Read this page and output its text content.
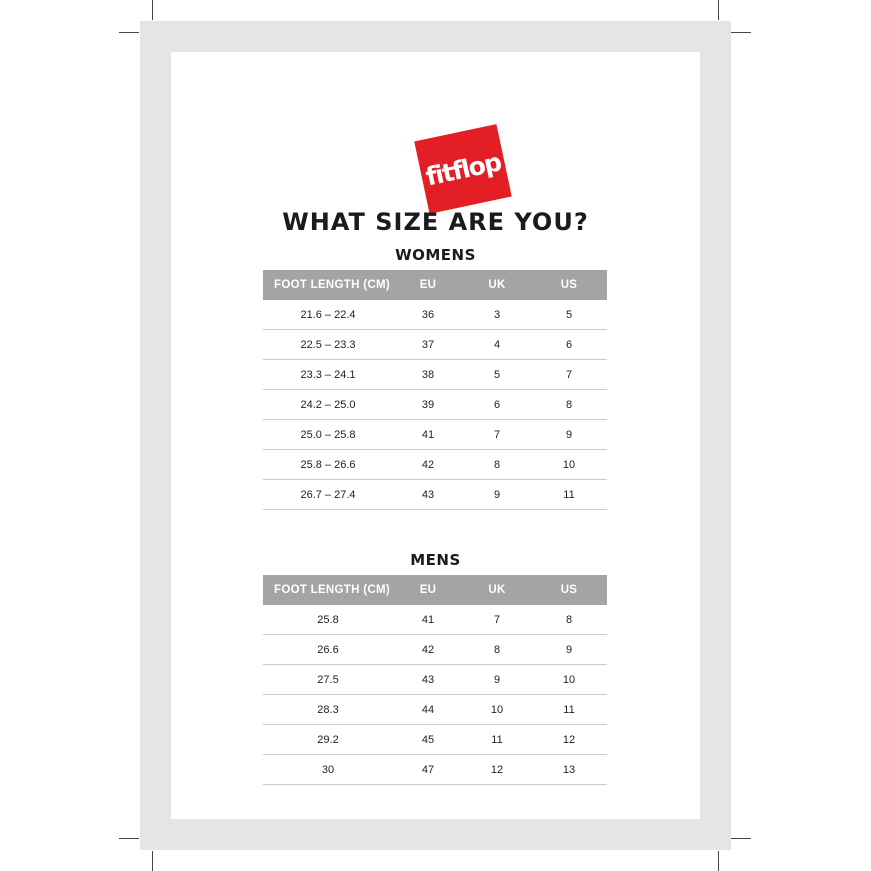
fitflop
WHAT SIZE ARE YOU?
WOMENS
FOOT LENGTH (CM)	EU	UK	US
21.6 – 22.4	36	3	5
22.5 – 23.3	37	4	6
23.3 – 24.1	38	5	7
24.2 – 25.0	39	6	8
25.0 – 25.8	41	7	9
25.8 – 26.6	42	8	10
26.7 – 27.4	43	9	11
MENS
FOOT LENGTH (CM)	EU	UK	US
25.8	41	7	8
26.6	42	8	9
27.5	43	9	10
28.3	44	10	11
29.2	45	11	12
30	47	12	13
